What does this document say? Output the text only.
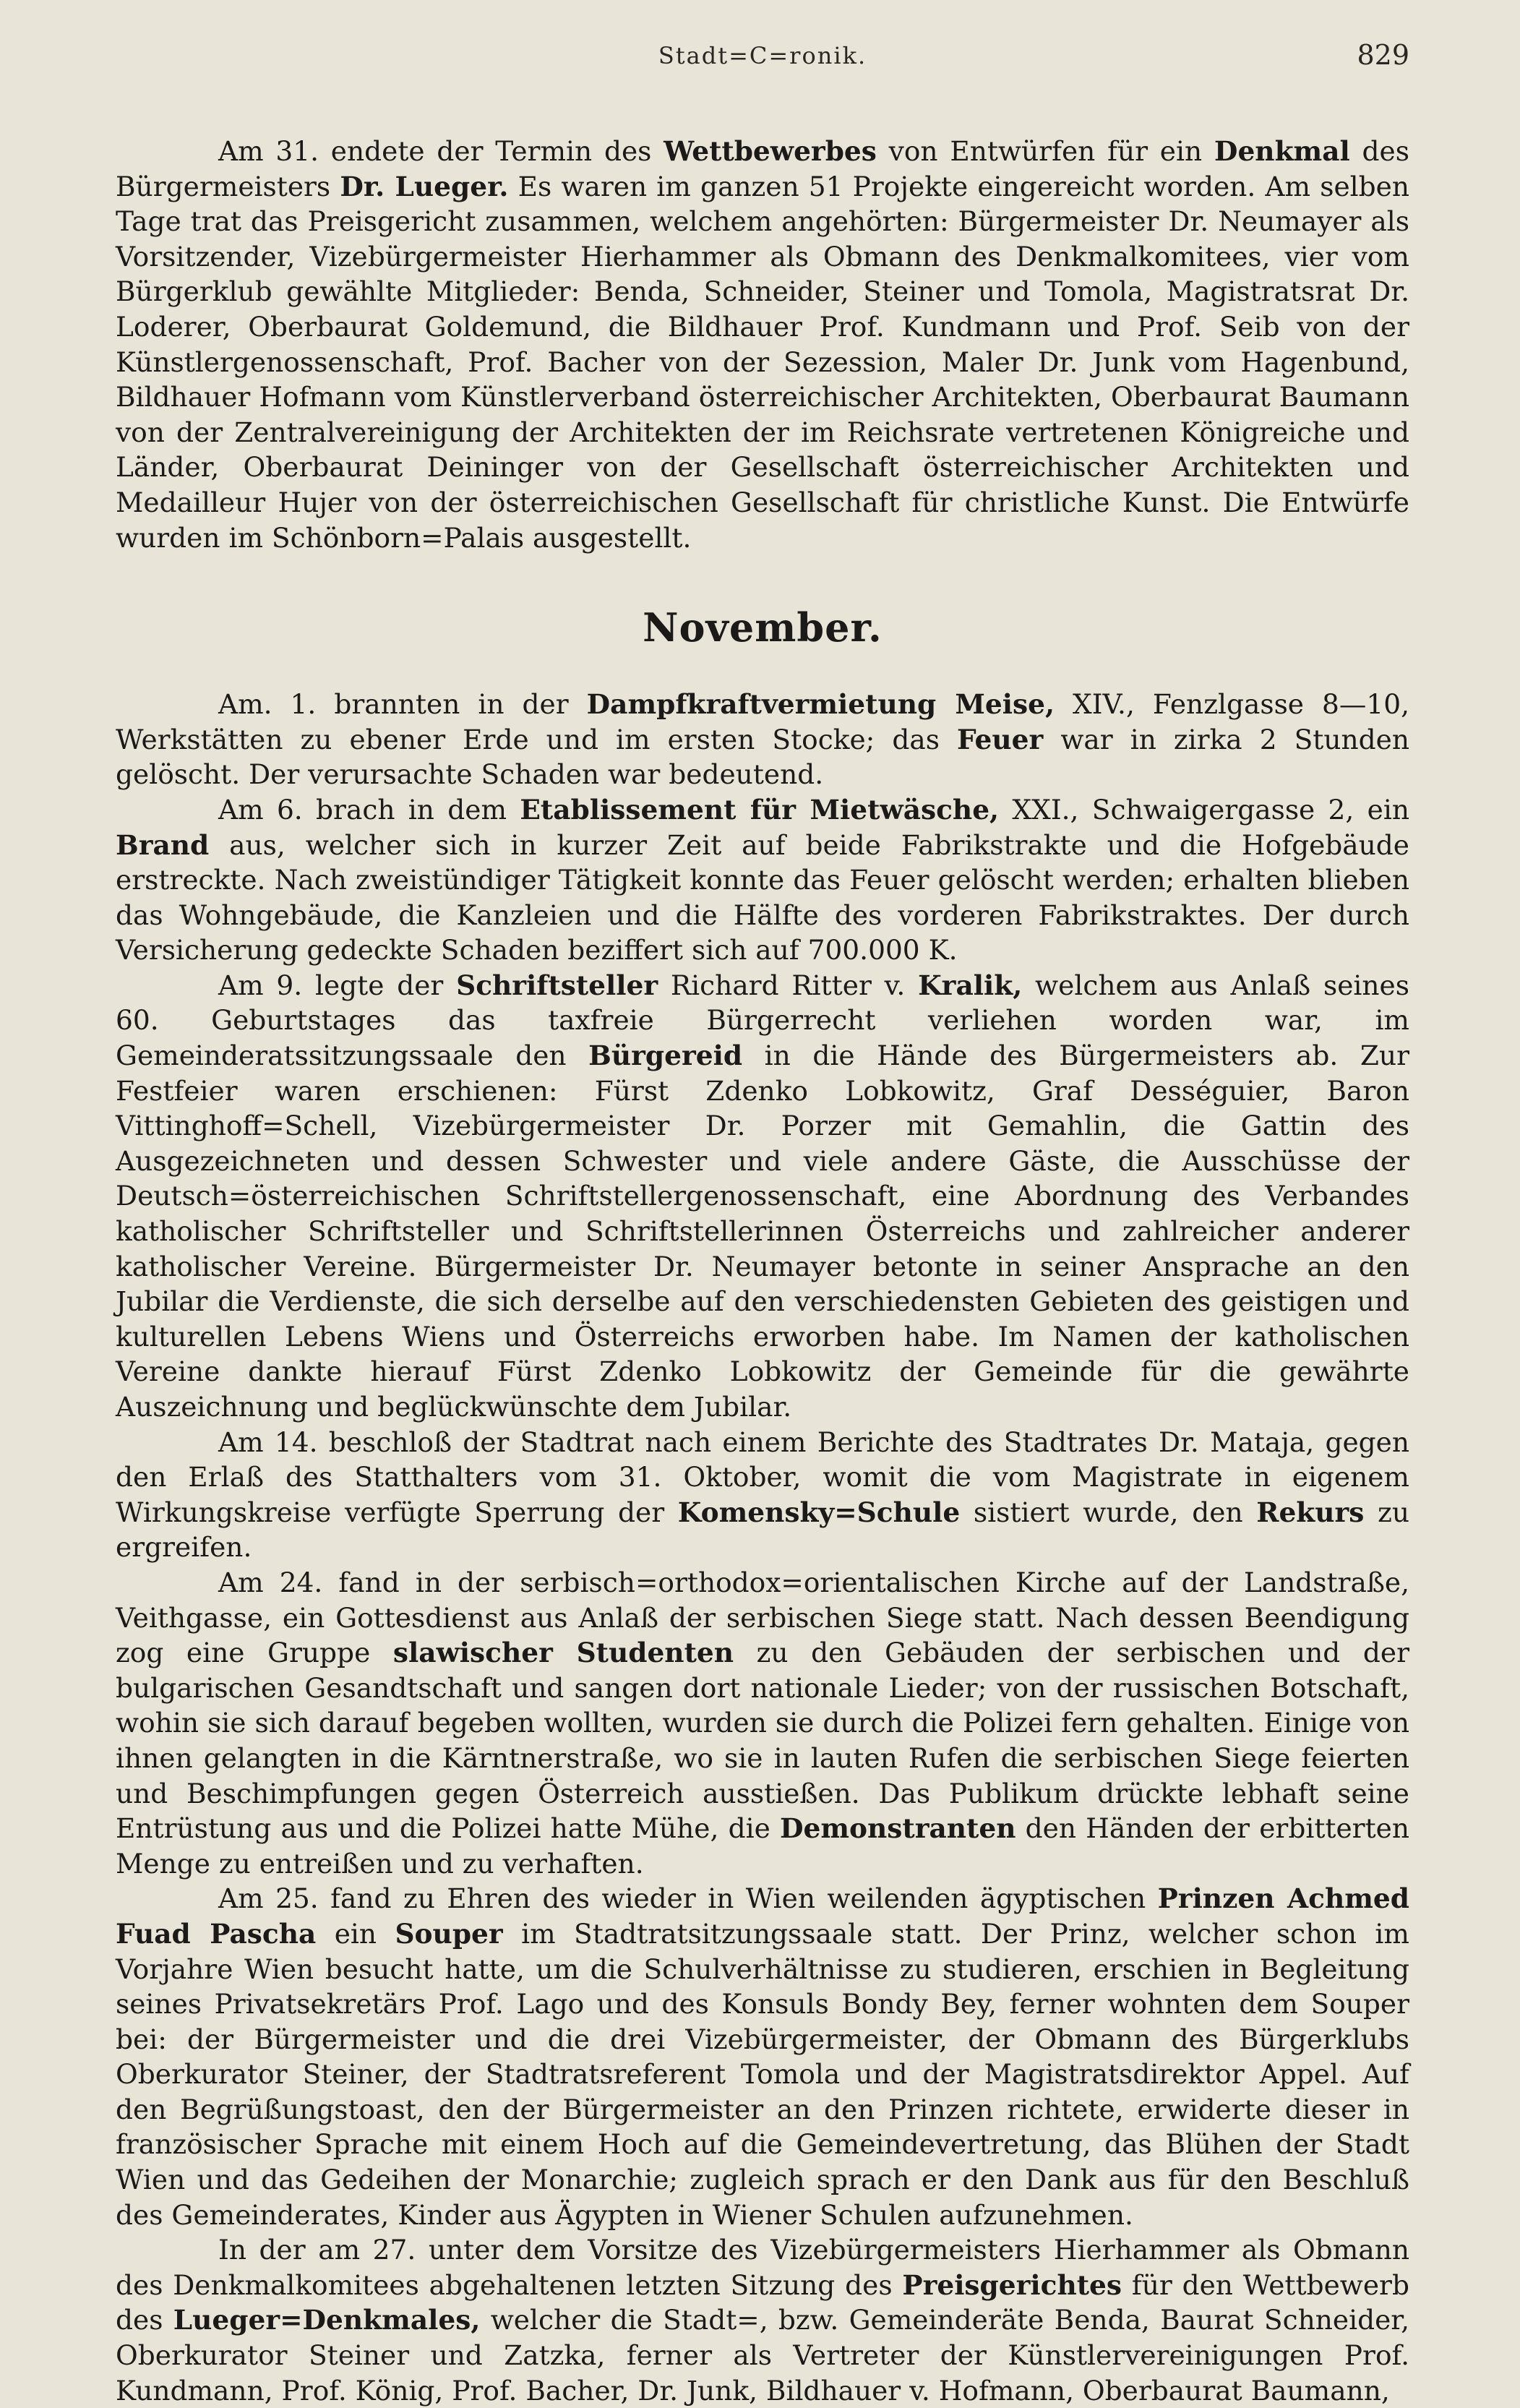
Stadt=C=ronik.	829

Am 31. endete der Termin des Wettbewerbes von Entwürfen für ein Denkmal des Bürgermeisters Dr. Lueger. Es waren im ganzen 51 Projekte eingereicht worden. Am selben Tage trat das Preisgericht zusammen, welchem angehörten: Bürgermeister Dr. Neumayer als Vorsitzender, Vizebürgermeister Hierhammer als Obmann des Denkmalkomitees, vier vom Bürgerklub gewählte Mitglieder: Benda, Schneider, Steiner und Tomola, Magistratsrat Dr. Loderer, Oberbaurat Goldemund, die Bildhauer Prof. Kundmann und Prof. Seib von der Künstlergenossenschaft, Prof. Bacher von der Sezession, Maler Dr. Junk vom Hagenbund, Bildhauer Hofmann vom Künstlerverband österreichischer Architekten, Oberbaurat Baumann von der Zentralvereinigung der Architekten der im Reichsrate vertretenen Königreiche und Länder, Oberbaurat Deininger von der Gesellschaft österreichischer Architekten und Medailleur Hujer von der österreichischen Gesellschaft für christliche Kunst. Die Entwürfe wurden im Schönborn=Palais ausgestellt.

November.

Am. 1. brannten in der Dampfkraftvermietung Meise, XIV., Fenzlgasse 8—10, Werkstätten zu ebener Erde und im ersten Stocke; das Feuer war in zirka 2 Stunden gelöscht. Der verursachte Schaden war bedeutend.

Am 6. brach in dem Etablissement für Mietwäsche, XXI., Schwaigergasse 2, ein Brand aus, welcher sich in kurzer Zeit auf beide Fabrikstrakte und die Hofgebäude erstreckte. Nach zweistündiger Tätigkeit konnte das Feuer gelöscht werden; erhalten blieben das Wohngebäude, die Kanzleien und die Hälfte des vorderen Fabrikstraktes. Der durch Versicherung gedeckte Schaden beziffert sich auf 700.000 K.

Am 9. legte der Schriftsteller Richard Ritter v. Kralik, welchem aus Anlaß seines 60. Geburtstages das taxfreie Bürgerrecht verliehen worden war, im Gemeinderatssitzungssaale den Bürgereid in die Hände des Bürgermeisters ab. Zur Festfeier waren erschienen: Fürst Zdenko Lobkowitz, Graf Dességuier, Baron Vittinghoff=Schell, Vizebürgermeister Dr. Porzer mit Gemahlin, die Gattin des Ausgezeichneten und dessen Schwester und viele andere Gäste, die Ausschüsse der Deutsch=österreichischen Schriftstellergenossenschaft, eine Abordnung des Verbandes katholischer Schriftsteller und Schriftstellerinnen Österreichs und zahlreicher anderer katholischer Vereine. Bürgermeister Dr. Neumayer betonte in seiner Ansprache an den Jubilar die Verdienste, die sich derselbe auf den verschiedensten Gebieten des geistigen und kulturellen Lebens Wiens und Österreichs erworben habe. Im Namen der katholischen Vereine dankte hierauf Fürst Zdenko Lobkowitz der Gemeinde für die gewährte Auszeichnung und beglückwünschte dem Jubilar.

Am 14. beschloß der Stadtrat nach einem Berichte des Stadtrates Dr. Mataja, gegen den Erlaß des Statthalters vom 31. Oktober, womit die vom Magistrate in eigenem Wirkungskreise verfügte Sperrung der Komensky=Schule sistiert wurde, den Rekurs zu ergreifen.

Am 24. fand in der serbisch=orthodox=orientalischen Kirche auf der Landstraße, Veithgasse, ein Gottesdienst aus Anlaß der serbischen Siege statt. Nach dessen Beendigung zog eine Gruppe slawischer Studenten zu den Gebäuden der serbischen und der bulgarischen Gesandtschaft und sangen dort nationale Lieder; von der russischen Botschaft, wohin sie sich darauf begeben wollten, wurden sie durch die Polizei fern gehalten. Einige von ihnen gelangten in die Kärntnerstraße, wo sie in lauten Rufen die serbischen Siege feierten und Beschimpfungen gegen Österreich ausstießen. Das Publikum drückte lebhaft seine Entrüstung aus und die Polizei hatte Mühe, die Demonstranten den Händen der erbitterten Menge zu entreißen und zu verhaften.

Am 25. fand zu Ehren des wieder in Wien weilenden ägyptischen Prinzen Achmed Fuad Pascha ein Souper im Stadtratsitzungssaale statt. Der Prinz, welcher schon im Vorjahre Wien besucht hatte, um die Schulverhältnisse zu studieren, erschien in Begleitung seines Privatsekretärs Prof. Lago und des Konsuls Bondy Bey, ferner wohnten dem Souper bei: der Bürgermeister und die drei Vizebürgermeister, der Obmann des Bürgerklubs Oberkurator Steiner, der Stadtratsreferent Tomola und der Magistratsdirektor Appel. Auf den Begrüßungstoast, den der Bürgermeister an den Prinzen richtete, erwiderte dieser in französischer Sprache mit einem Hoch auf die Gemeindevertretung, das Blühen der Stadt Wien und das Gedeihen der Monarchie; zugleich sprach er den Dank aus für den Beschluß des Gemeinderates, Kinder aus Ägypten in Wiener Schulen aufzunehmen.

In der am 27. unter dem Vorsitze des Vizebürgermeisters Hierhammer als Obmann des Denkmalkomitees abgehaltenen letzten Sitzung des Preisgerichtes für den Wettbewerb des Lueger=Denkmales, welcher die Stadt=, bzw. Gemeinderäte Benda, Baurat Schneider, Oberkurator Steiner und Zatzka, ferner als Vertreter der Künstlervereinigungen Prof. Kundmann, Prof. König, Prof. Bacher, Dr. Junk, Bildhauer v. Hofmann, Oberbaurat Baumann,
